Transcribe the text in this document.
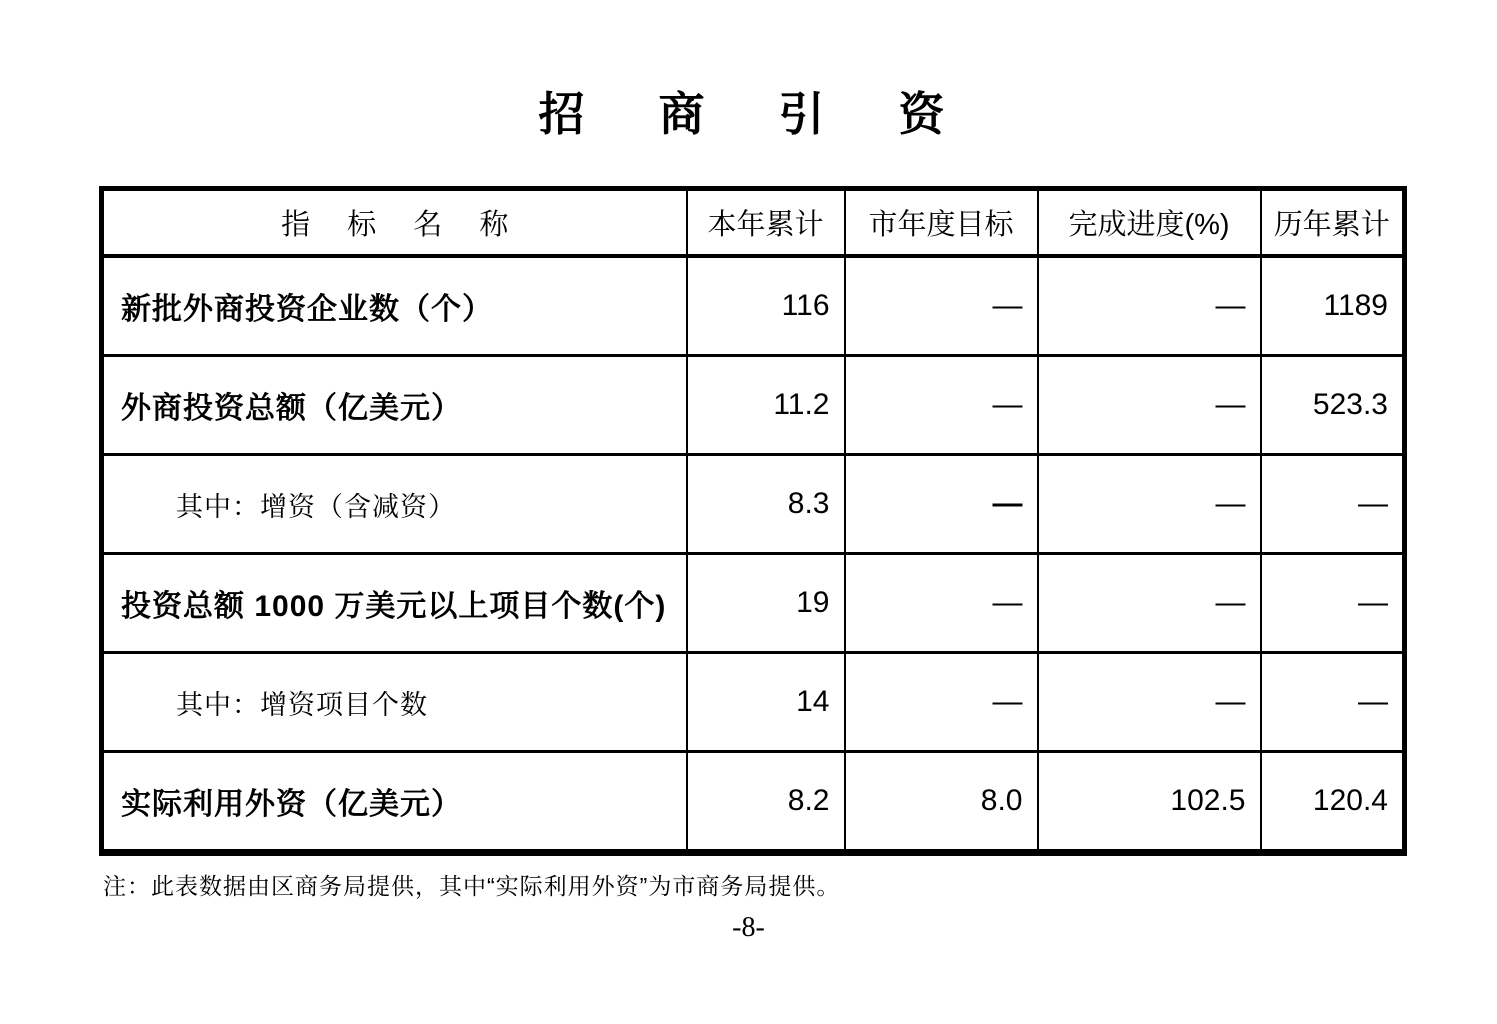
招　商　引　资
指　 标　 名　 称	本年累计	市年度目标	完成进度(%)	历年累计
新批外商投资企业数（个）	116	—	—	1189
外商投资总额（亿美元）	11.2	—	—	523.3
其中：增资（含减资）	8.3	—	—	—
投资总额 1000 万美元以上项目个数(个)	19	—	—	—
其中：增资项目个数	14	—	—	—
实际利用外资（亿美元）	8.2	8.0	102.5	120.4

注：此表数据由区商务局提供，其中“实际利用外资”为市商务局提供。

-8-
